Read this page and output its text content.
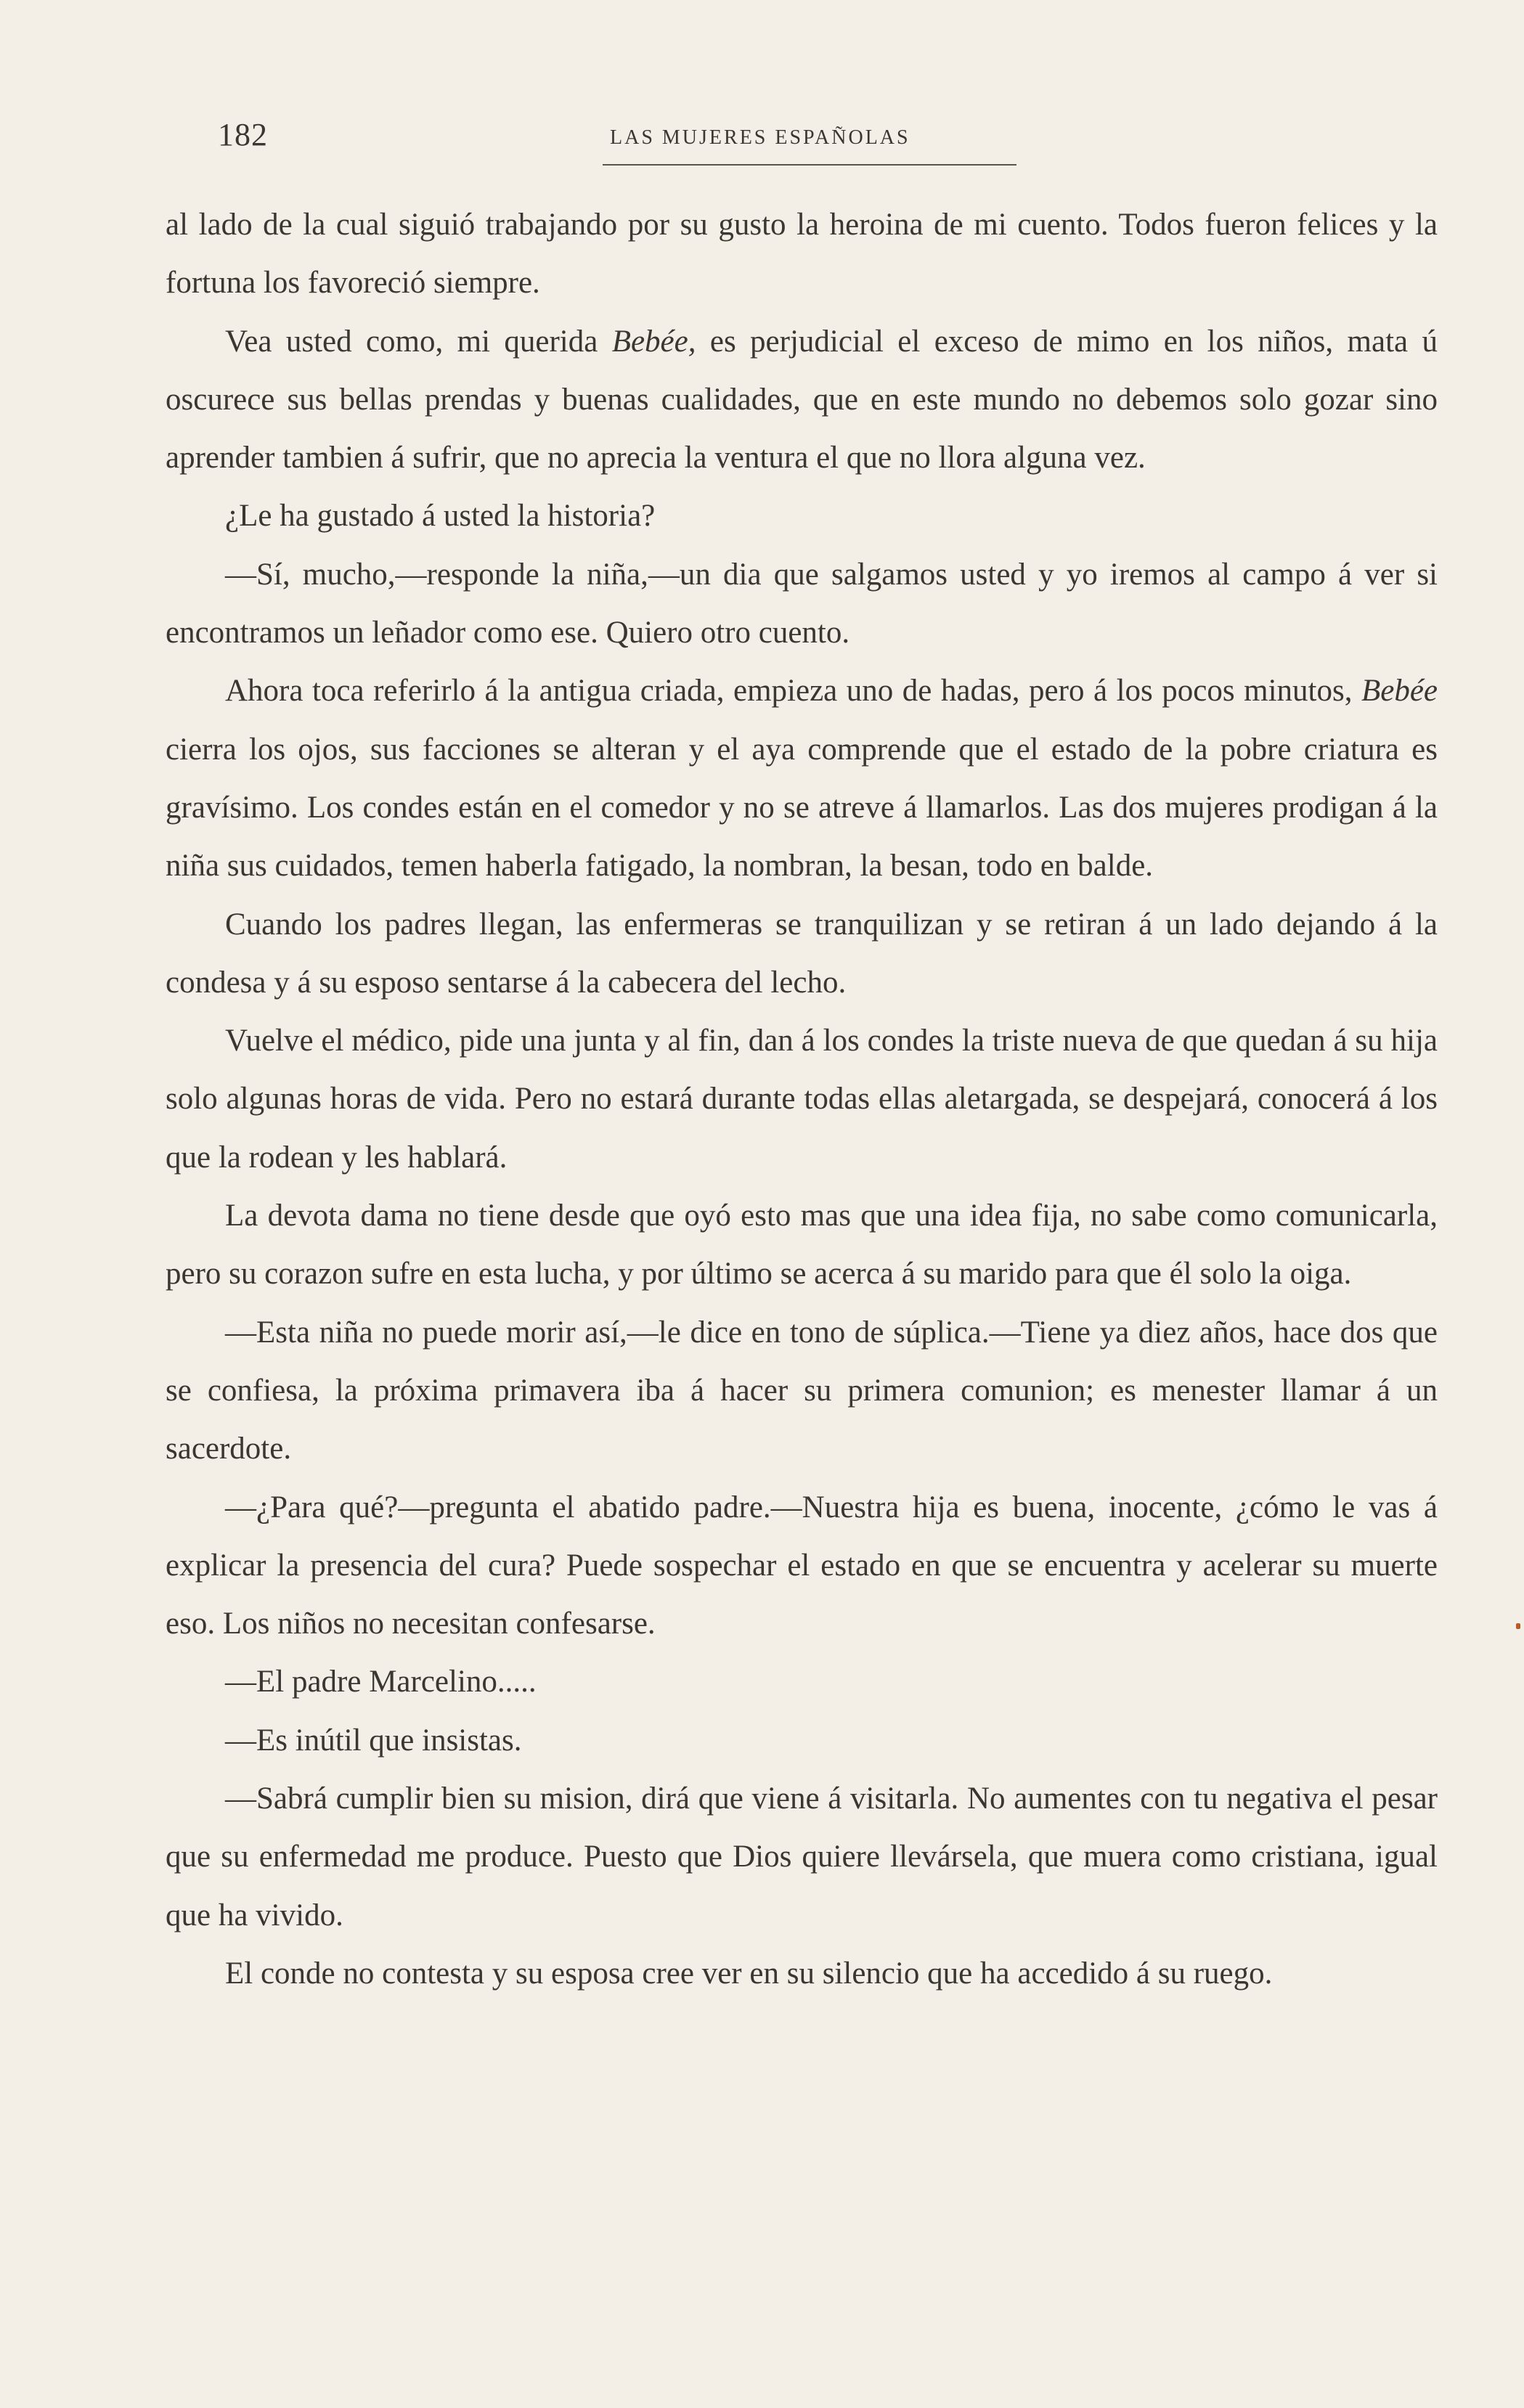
182	LAS MUJERES ESPAÑOLAS

al lado de la cual siguió trabajando por su gusto la heroina de mi cuento. Todos fueron felices y la fortuna los favoreció siempre.

Vea usted como, mi querida Bebée, es perjudicial el exceso de mimo en los niños, mata ú oscurece sus bellas prendas y buenas cualidades, que en este mundo no debemos solo gozar sino aprender tambien á sufrir, que no aprecia la ventura el que no llora alguna vez.

¿Le ha gustado á usted la historia?

—Sí, mucho,—responde la niña,—un dia que salgamos usted y yo iremos al campo á ver si encontramos un leñador como ese. Quiero otro cuento.

Ahora toca referirlo á la antigua criada, empieza uno de hadas, pero á los pocos minutos, Bebée cierra los ojos, sus facciones se alteran y el aya comprende que el estado de la pobre criatura es gravísimo. Los condes están en el comedor y no se atreve á llamarlos. Las dos mujeres prodigan á la niña sus cuidados, temen haberla fatigado, la nombran, la besan, todo en balde.

Cuando los padres llegan, las enfermeras se tranquilizan y se retiran á un lado dejando á la condesa y á su esposo sentarse á la cabecera del lecho.

Vuelve el médico, pide una junta y al fin, dan á los condes la triste nueva de que quedan á su hija solo algunas horas de vida. Pero no estará durante todas ellas aletargada, se despejará, conocerá á los que la rodean y les hablará.

La devota dama no tiene desde que oyó esto mas que una idea fija, no sabe como comunicarla, pero su corazon sufre en esta lucha, y por último se acerca á su marido para que él solo la oiga.

—Esta niña no puede morir así,—le dice en tono de súplica.—Tiene ya diez años, hace dos que se confiesa, la próxima primavera iba á hacer su primera comunion; es menester llamar á un sacerdote.

—¿Para qué?—pregunta el abatido padre.—Nuestra hija es buena, inocente, ¿cómo le vas á explicar la presencia del cura? Puede sospechar el estado en que se encuentra y acelerar su muerte eso. Los niños no necesitan confesarse.

—El padre Marcelino.....

—Es inútil que insistas.

—Sabrá cumplir bien su mision, dirá que viene á visitarla. No aumentes con tu negativa el pesar que su enfermedad me produce. Puesto que Dios quiere llevársela, que muera como cristiana, igual que ha vivido.

El conde no contesta y su esposa cree ver en su silencio que ha accedido á su ruego.
